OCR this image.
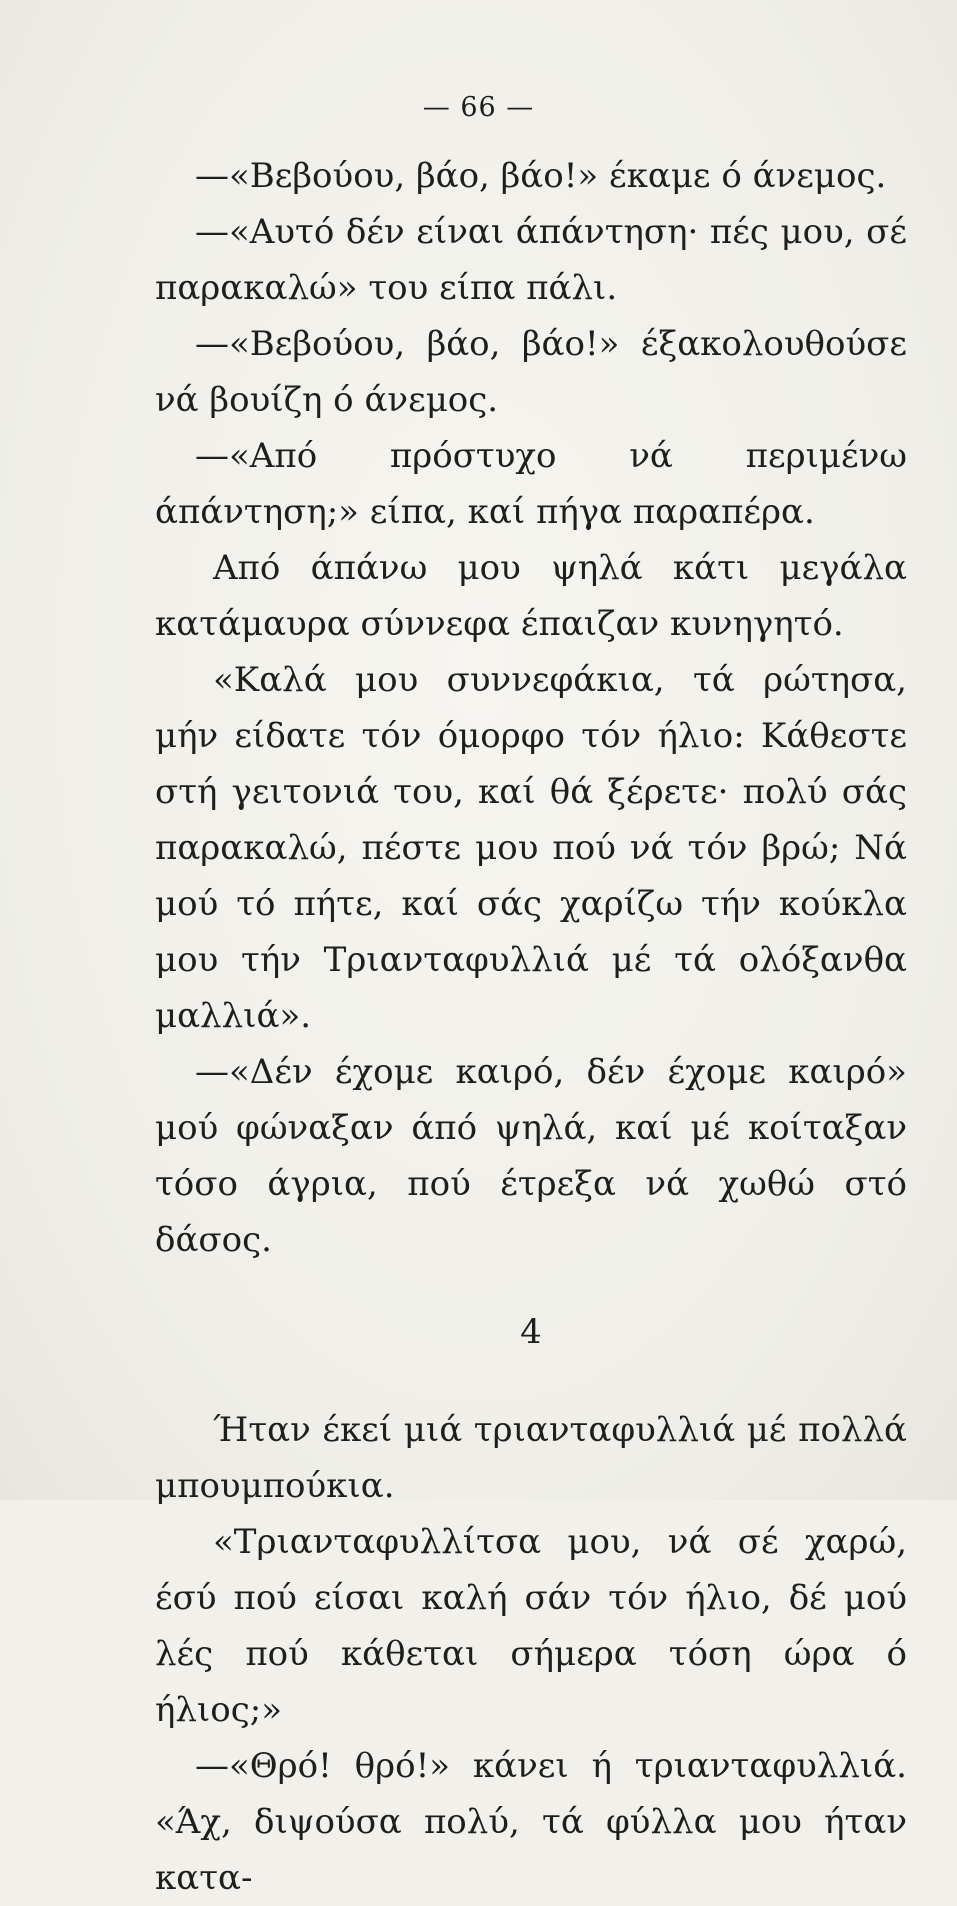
— 66 —

—«Βεβούου, βάο, βάο!» έκαμε ό άνεμος.

—«Αυτό δέν είναι άπάντηση· πές μου, σέ παρακαλώ» του είπα πάλι.

—«Βεβούου, βάο, βάο!» έξακολουθούσε νά βουίζη ό άνεμος.

—«Από πρόστυχο νά περιμένω άπάντηση;» είπα, καί πήγα παραπέρα.

Από άπάνω μου ψηλά κάτι μεγάλα κατάμαυρα σύννεφα έπαιζαν κυνηγητό.

«Καλά μου συννεφάκια, τά ρώτησα, μήν είδατε τόν όμορφο τόν ήλιο: Κάθεστε στή γειτονιά του, καί θά ξέρετε· πολύ σάς παρακαλώ, πέστε μου πού νά τόν βρώ; Νά μού τό πήτε, καί σάς χαρίζω τήν κούκλα μου τήν Τριανταφυλλιά μέ τά ολόξανθα μαλλιά».

—«Δέν έχομε καιρό, δέν έχομε καιρό» μού φώναξαν άπό ψηλά, καί μέ κοίταξαν τόσο άγρια, πού έτρεξα νά χωθώ στό δάσος.

4

Ήταν έκεί μιά τριανταφυλλιά μέ πολλά μπουμπούκια.

«Τριανταφυλλίτσα μου, νά σέ χαρώ, έσύ πού είσαι καλή σάν τόν ήλιο, δέ μού λές πού κάθεται σήμερα τόση ώρα ό ήλιος;»

—«Θρό! θρό!» κάνει ή τριανταφυλλιά. «Άχ, διψούσα πολύ, τά φύλλα μου ήταν κατα-
